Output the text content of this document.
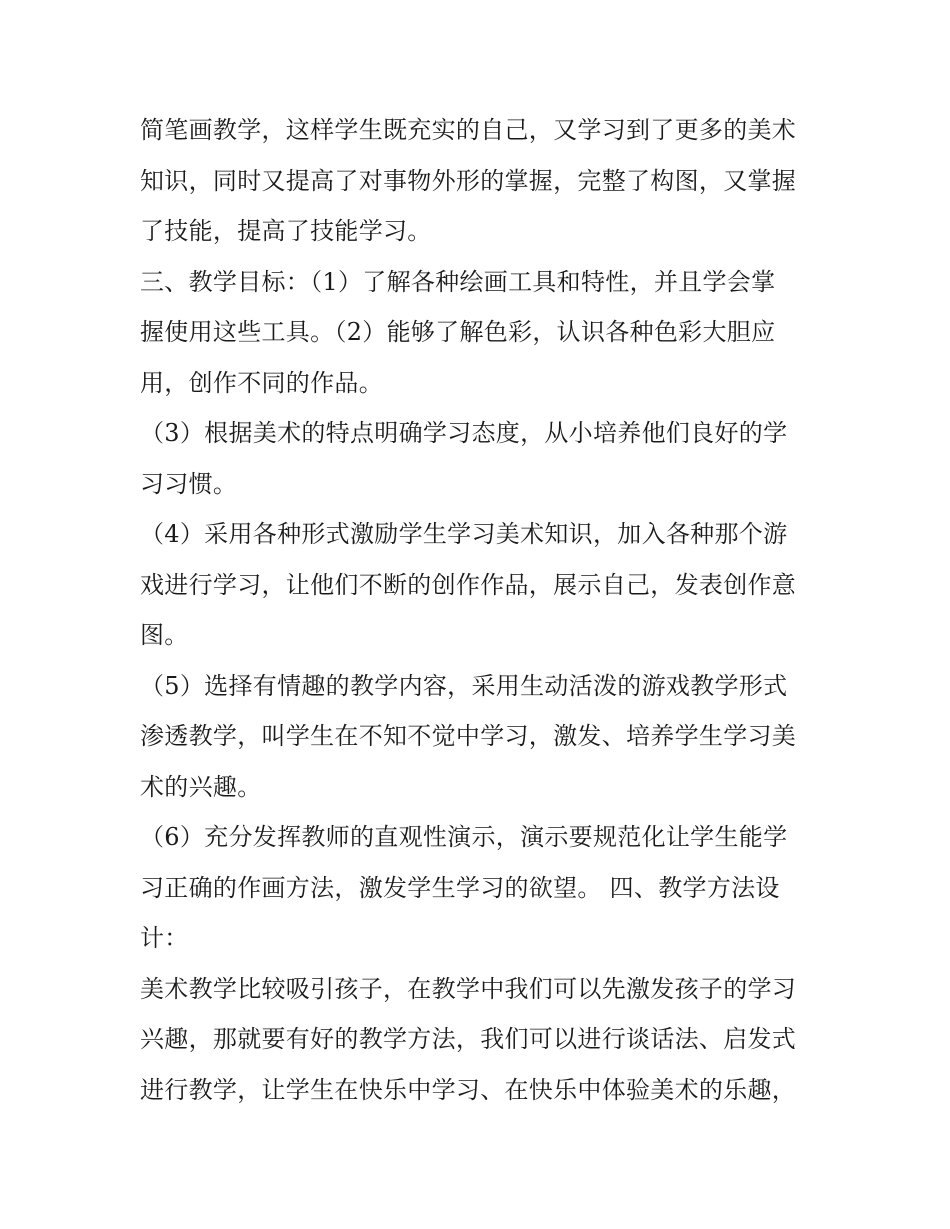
简笔画教学，这样学生既充实的自己，又学习到了更多的美术
知识，同时又提高了对事物外形的掌握，完整了构图，又掌握
了技能，提高了技能学习。
三、教学目标：（1）了解各种绘画工具和特性，并且学会掌
握使用这些工具。（2）能够了解色彩，认识各种色彩大胆应
用，创作不同的作品。
（3）根据美术的特点明确学习态度，从小培养他们良好的学
习习惯。
（4）采用各种形式激励学生学习美术知识，加入各种那个游
戏进行学习，让他们不断的创作作品，展示自己，发表创作意
图。
（5）选择有情趣的教学内容，采用生动活泼的游戏教学形式
渗透教学，叫学生在不知不觉中学习，激发、培养学生学习美
术的兴趣。
（6）充分发挥教师的直观性演示，演示要规范化让学生能学
习正确的作画方法，激发学生学习的欲望。 四、教学方法设
计：
美术教学比较吸引孩子，在教学中我们可以先激发孩子的学习
兴趣，那就要有好的教学方法，我们可以进行谈话法、启发式
进行教学，让学生在快乐中学习、在快乐中体验美术的乐趣，
